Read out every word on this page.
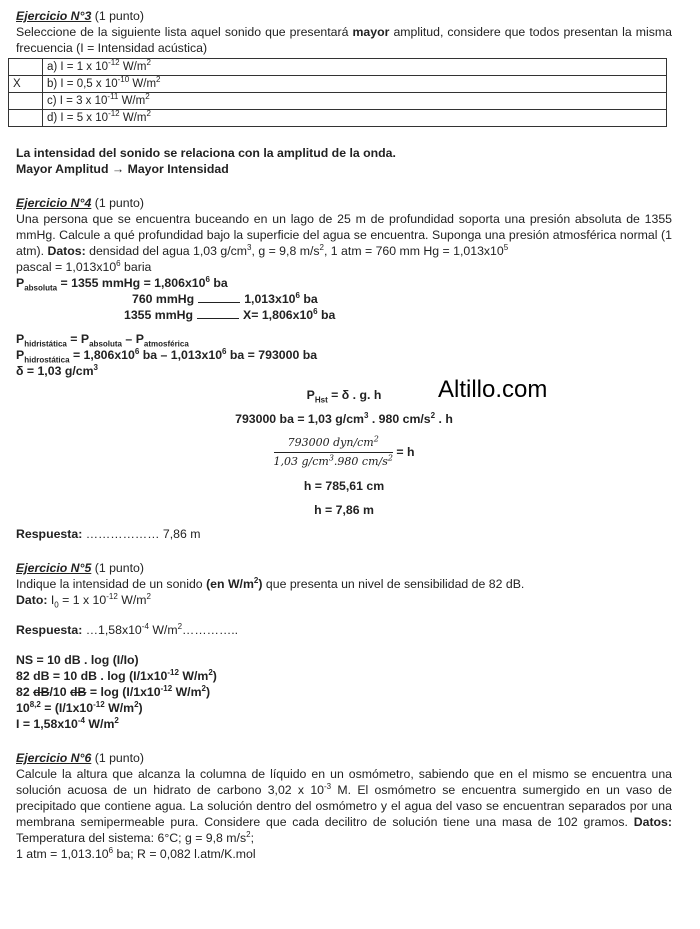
Ejercicio N°3 (1 punto)

Seleccione de la siguiente lista aquel sonido que presentará mayor amplitud, considere que todos presentan la misma frecuencia (I = Intensidad acústica)

	a) I = 1 x $10^{-12}$ $W/m^2$
X	b) I = 0,5 x $10^{-10}$ $W/m^2$
	c) I = 3 x $10^{-11}$ $W/m^2$
	d) I = 5 x $10^{-12}$ $W/m^2$

La intensidad del sonido se relaciona con la amplitud de la onda.

Mayor Amplitud → Mayor Intensidad

Ejercicio N°4 (1 punto)

Una persona que se encuentra buceando en un lago de 25 m de profundidad soporta una presión absoluta de 1355 mmHg. Calcule a qué profundidad bajo la superficie del agua se encuentra. Suponga una presión atmosférica normal (1 atm). Datos: densidad del agua 1,03 $g/cm^3$, g = 9,8 $m/s^2$, 1 atm = 760 mm $Hg = 1,013x10^5$

pascal = $1,013x10^6$ baria

$P_{absoluta} = 1355$ mmHg = $1,806x10^6$ ba

760 mmHg	$1,013x10^6$ ba

1355 mmHg	$X= 1,806x10^6$ ba

$P_{hidristática} = P_{absoluta} - P_{atmosférica}$

$P_{hidrostática} = 1,806x10^6$ ba – $1,013x10^6$ ba = 793000 ba

δ = 1,03 $g/cm^3$

$P_{Hst} = \delta$ . g. h

793000 ba = 1,03 $g/cm^3$ . 980 $cm/s^2$ . h

$\frac{793000 dyn/cm^2}{1,03 g/cm^3.980 cm/s^2} = h$

h = 785,61 cm

h = 7,86 m

Respuesta: ……………… 7,86 m

Ejercicio N°5 (1 punto)

Indique la intensidad de un sonido (en $W/m^2$) que presenta un nivel de sensibilidad de 82 dB.

Dato: $I_0 = 1$ x $10^{-12}$ $W/m^2$

Respuesta: $\dots 1,58x10^{-4}$ $W/m^2\dots\dots\dots\dots$..

NS = 10 dB . log (I/Io)

82 dB = 10 dB . $\log (I/1x10^{-12}$ $W/m^2$)

82 dB/10 dB = $\log (I/1x10^{-12}$ $W/m^2$)

$10^{8,2} = (I/1x10^{-12}$ $W/m^2$)

$I = 1,58x10^{-4}$ $W/m^2$

Ejercicio N°6 (1 punto)

Calcule la altura que alcanza la columna de líquido en un osmómetro, sabiendo que en el mismo se encuentra una solución acuosa de un hidrato de carbono 3,02 x $10^{-3}$ M. El osmómetro se encuentra sumergido en un vaso de precipitado que contiene agua. La solución dentro del osmómetro y el agua del vaso se encuentran separados por una membrana semipermeable pura. Considere que cada decilitro de solución tiene una masa de 102 gramos. Datos: Temperatura del sistema: 6°C; g = 9,8 $m/s^2$;

1 atm = $1,013.10^6$ ba; R = 0,082 l.atm/K.mol

Altillo.com
